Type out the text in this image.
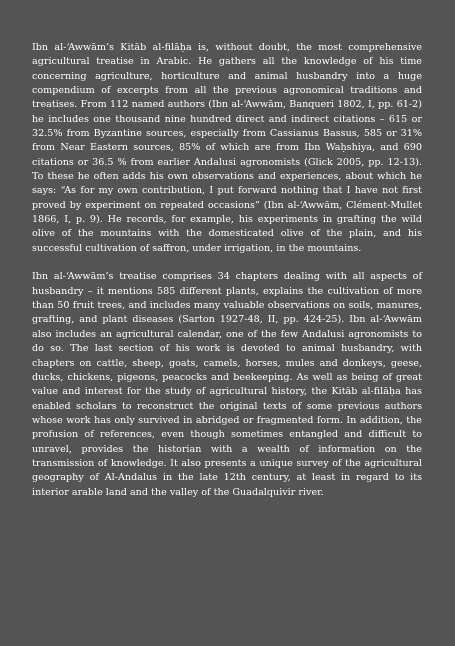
Ibn al-‘Awwām’s Kitāb al-filāḥa is, without doubt, the most comprehensive agricultural treatise in Arabic. He gathers all the knowledge of his time concerning agriculture, horticulture and animal husbandry into a huge compendium of excerpts from all the previous agronomical traditions and treatises. From 112 named authors (Ibn al-‘Awwām, Banqueri 1802, I, pp. 61-2) he includes one thousand nine hundred direct and indirect citations – 615 or 32.5% from Byzantine sources, especially from Cassianus Bassus, 585 or 31% from Near Eastern sources, 85% of which are from Ibn Waḥshiya, and 690 citations or 36.5 % from earlier Andalusi agronomists (Glick 2005, pp. 12-13). To these he often adds his own observations and experiences, about which he says: “As for my own contribution, I put forward nothing that I have not first proved by experiment on repeated occasions” (Ibn al-‘Awwām, Clément-Mullet 1866, I, p. 9). He records, for example, his experiments in grafting the wild olive of the mountains with the domesticated olive of the plain, and his successful cultivation of saffron, under irrigation, in the mountains.

Ibn al-‘Awwām’s treatise comprises 34 chapters dealing with all aspects of husbandry – it mentions 585 different plants, explains the cultivation of more than 50 fruit trees, and includes many valuable observations on soils, manures, grafting, and plant diseases (Sarton 1927-48, II, pp. 424-25). Ibn al-‘Awwām also includes an agricultural calendar, one of the few Andalusi agronomists to do so. The last section of his work is devoted to animal husbandry, with chapters on cattle, sheep, goats, camels, horses, mules and donkeys, geese, ducks, chickens, pigeons, peacocks and beekeeping. As well as being of great value and interest for the study of agricultural history, the Kitāb al-filāḥa has enabled scholars to reconstruct the original texts of some previous authors whose work has only survived in abridged or fragmented form. In addition, the profusion of references, even though sometimes entangled and difficult to unravel, provides the historian with a wealth of information on the transmission of knowledge. It also presents a unique survey of the agricultural geography of Al-Andalus in the late 12th century, at least in regard to its interior arable land and the valley of the Guadalquivir river.
